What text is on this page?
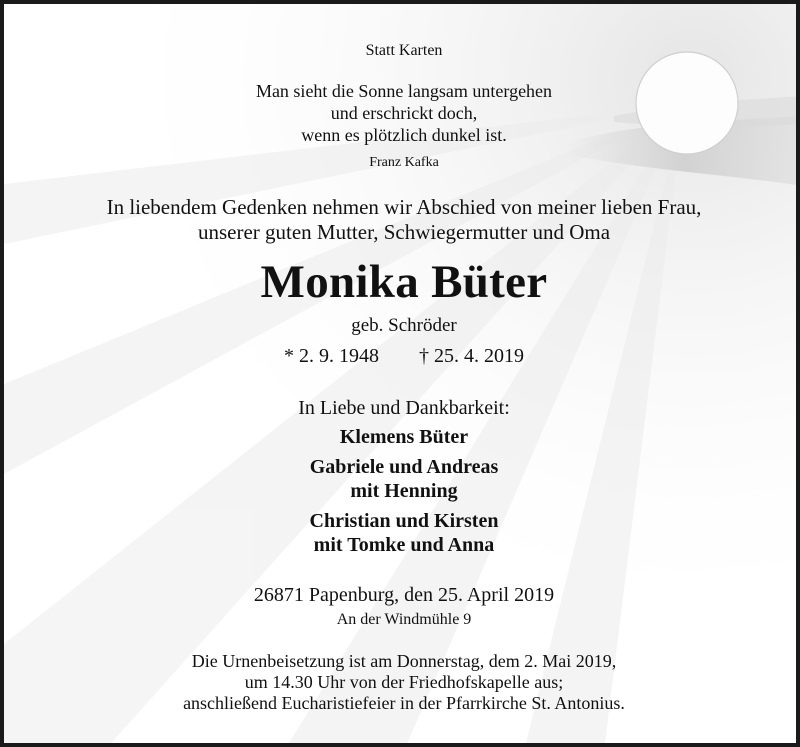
Statt Karten
Man sieht die Sonne langsam untergehen
und erschrickt doch,
wenn es plötzlich dunkel ist.
Franz Kafka
In liebendem Gedenken nehmen wir Abschied von meiner lieben Frau,
unserer guten Mutter, Schwiegermutter und Oma
Monika Büter
geb. Schröder
* 2. 9. 1948 † 25. 4. 2019
In Liebe und Dankbarkeit:
Klemens Büter
Gabriele und Andreas
mit Henning
Christian und Kirsten
mit Tomke und Anna
26871 Papenburg, den 25. April 2019
An der Windmühle 9
Die Urnenbeisetzung ist am Donnerstag, dem 2. Mai 2019,
um 14.30 Uhr von der Friedhofskapelle aus;
anschließend Eucharistiefeier in der Pfarrkirche St. Antonius.
